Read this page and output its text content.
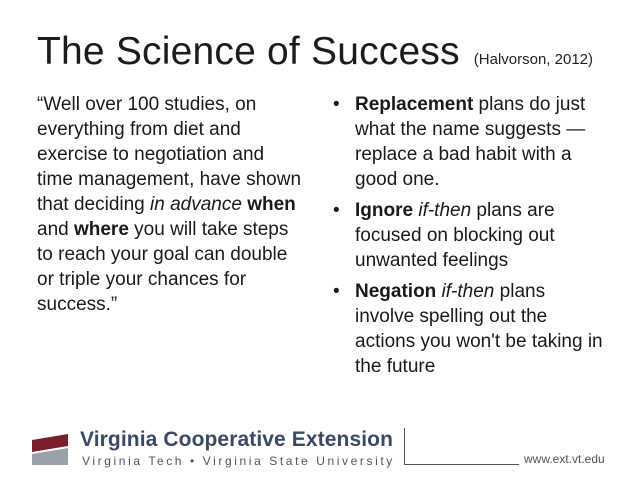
The Science of Success (Halvorson, 2012)
“Well over 100 studies, on everything from diet and exercise to negotiation and time management, have shown that deciding in advance when and where you will take steps to reach your goal can double or triple your chances for success.”
• Replacement plans do just what the name suggests — replace a bad habit with a good one.
• Ignore if-then plans are focused on blocking out unwanted feelings
• Negation if-then plans involve spelling out the actions you won't be taking in the future
Virginia Cooperative Extension
Virginia Tech • Virginia State University	www.ext.vt.edu
